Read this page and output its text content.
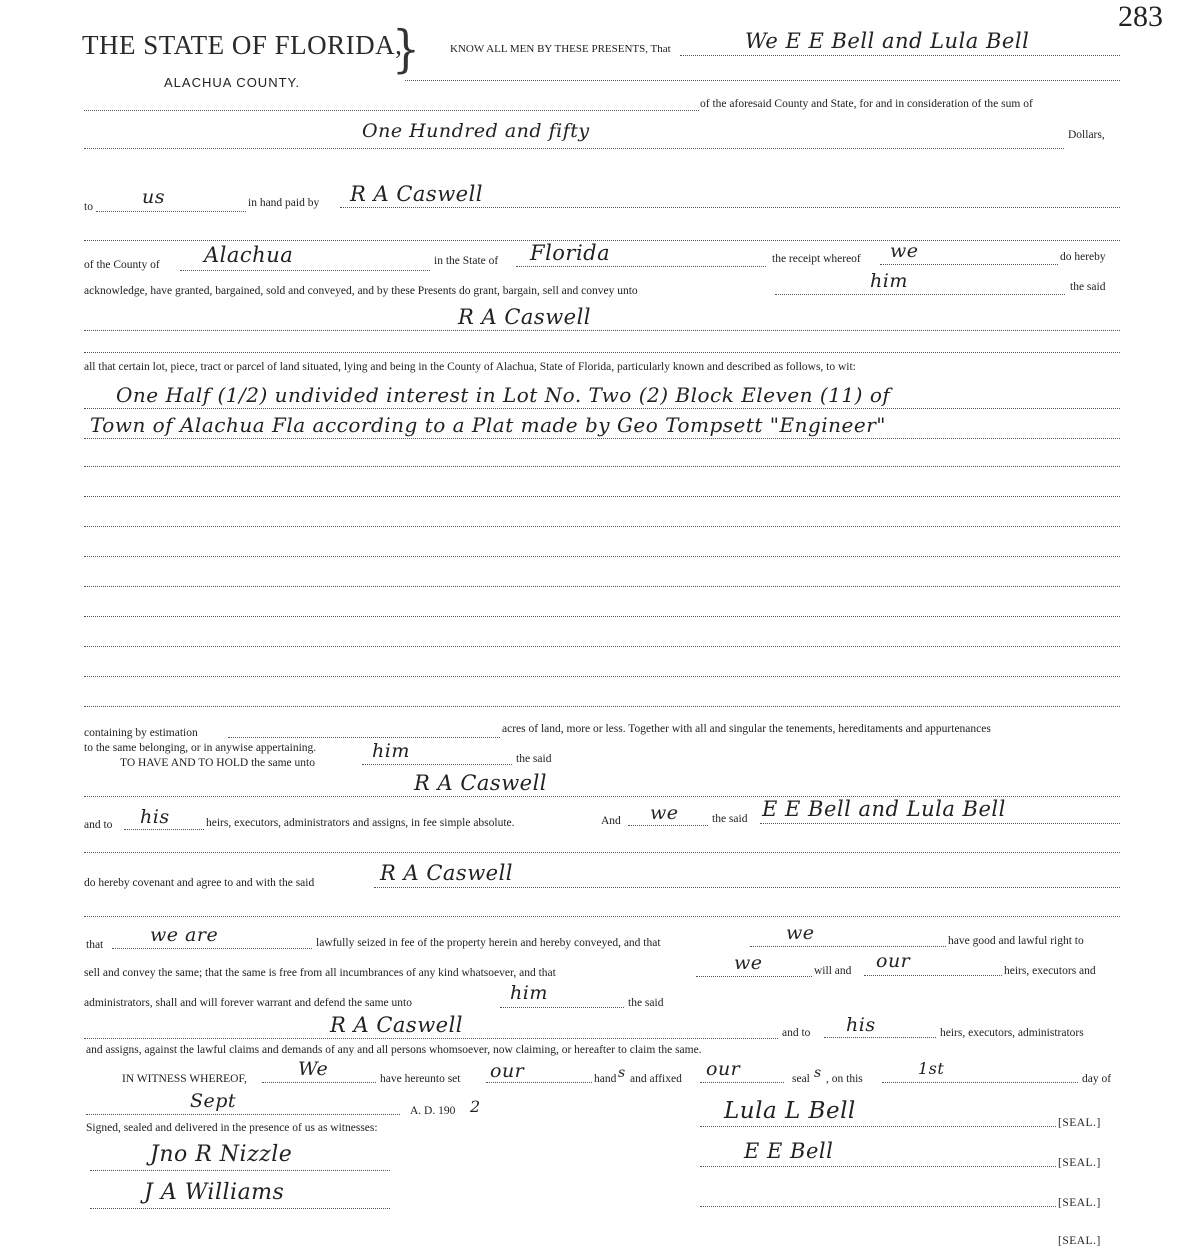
283
THE STATE OF FLORIDA,
}
ALACHUA COUNTY.
KNOW ALL MEN BY THESE PRESENTS, That	We E E Bell and Lula Bell
of the aforesaid County and State, for and in consideration of the sum of
One Hundred and fifty	Dollars,
to	us	in hand paid by R A Caswell
of the County of Alachua	in the State of Florida	the receipt whereof we	do hereby
acknowledge, have granted, bargained, sold and conveyed, and by these Presents do grant, bargain, sell and convey unto	him	the said
R A Caswell
all that certain lot, piece, tract or parcel of land situated, lying and being in the County of Alachua, State of Florida, particularly known and described as follows, to wit:
One Half (1/2) undivided interest in Lot No. Two (2) Block Eleven (11) of
Town of Alachua Fla according to a Plat made by Geo Tompsett "Engineer"
containing by estimation	acres of land, more or less. Together with all and singular the tenements, hereditaments and appurtenances
to the same belonging, or in anywise appertaining.
TO HAVE AND TO HOLD the same unto
him	the said
R A Caswell
and to his	heirs, executors, administrators and assigns, in fee simple absolute.	And we	the said E E Bell and Lula Bell
do hereby covenant and agree to and with the said	R A Caswell
that we are	lawfully seized in fee of the property herein and hereby conveyed, and that	we	have good and lawful right to
sell and convey the same; that the same is free from all incumbrances of any kind whatsoever, and that	we	will and our	heirs, executors and
administrators, shall and will forever warrant and defend the same unto	him	the said
R A Caswell	and to his	heirs, executors, administrators
and assigns, against the lawful claims and demands of any and all persons whomsoever, now claiming, or hereafter to claim the same.
IN WITNESS WHEREOF,	We	have hereunto set our	hand s and affixed our	seal s , on this
1st
day of
Sept	A. D. 190 2
Signed, sealed and delivered in the presence of us as witnesses:
Lula L Bell	[SEAL.]
E E Bell	[SEAL.]
[SEAL.]
[SEAL.]
Jno R Nizzle
J A Williams
